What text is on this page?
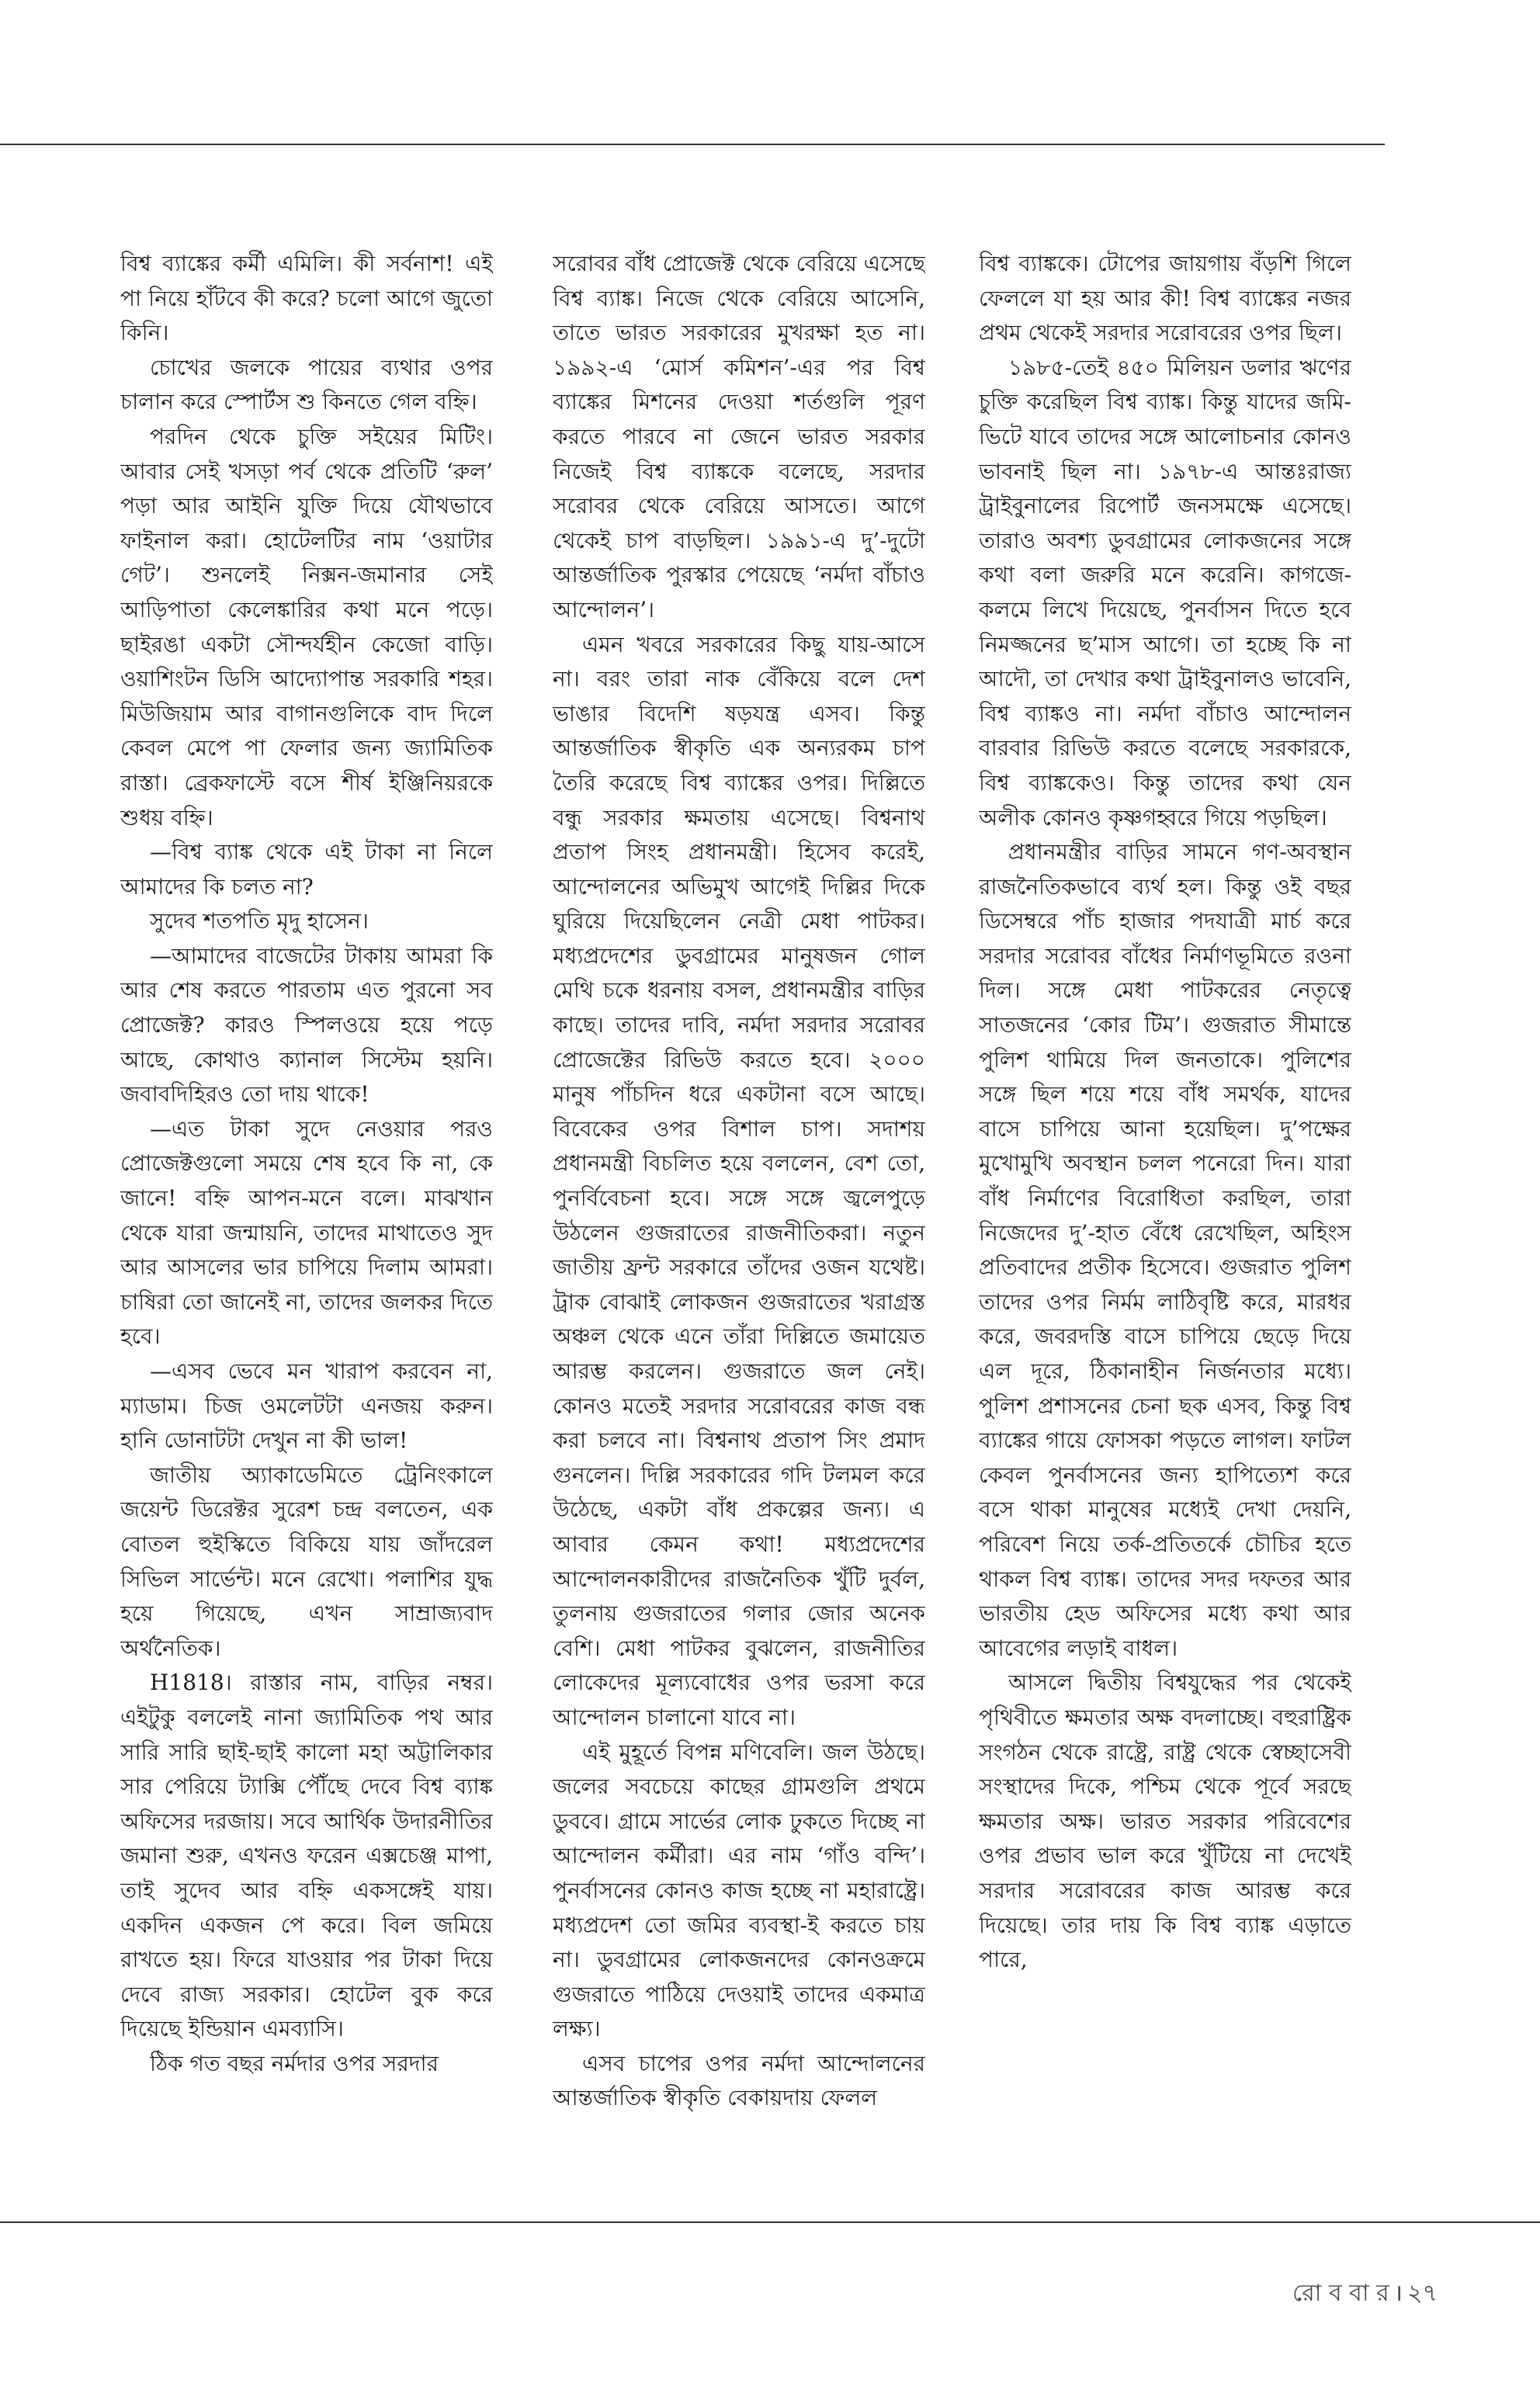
বিশ্ব ব্যাঙ্কের কর্মী এমিলি। কী সর্বনাশ! এই পা নিয়ে হাঁটবে কী করে? চলো আগে জুতো কিনি।

চোখের জলকে পায়ের ব্যথার ওপর চালান করে স্পোর্টস শু কিনতে গেল বহ্নি।

পরদিন থেকে চুক্তি সইয়ের মিটিং। আবার সেই খসড়া পর্ব থেকে প্রতিটি ‘রুল’ পড়া আর আইনি যুক্তি দিয়ে যৌথভাবে ফাইনাল করা। হোটেলটির নাম ‘ওয়াটার গেট’। শুনলেই নিক্সন-জমানার সেই আড়িপাতা কেলেঙ্কারির কথা মনে পড়ে। ছাইরঙা একটা সৌন্দর্যহীন কেজো বাড়ি। ওয়াশিংটন ডিসি আদ্যোপান্ত সরকারি শহর। মিউজিয়াম আর বাগানগুলিকে বাদ দিলে কেবল মেপে পা ফেলার জন্য জ্যামিতিক রাস্তা। ব্রেকফাস্টে বসে শীর্ষ ইঞ্জিনিয়রকে শুধয় বহ্নি।

—বিশ্ব ব্যাঙ্ক থেকে এই টাকা না নিলে আমাদের কি চলত না?

সুদেব শতপতি মৃদু হাসেন।

—আমাদের বাজেটের টাকায় আমরা কি আর শেষ করতে পারতাম এত পুরনো সব প্রোজেক্ট? কারও স্পিলওয়ে হয়ে পড়ে আছে, কোথাও ক্যানাল সিস্টেম হয়নি। জবাবদিহিরও তো দায় থাকে!

—এত টাকা সুদে নেওয়ার পরও প্রোজেক্টগুলো সময়ে শেষ হবে কি না, কে জানে! বহ্নি আপন-মনে বলে। মাঝখান থেকে যারা জন্মায়নি, তাদের মাথাতেও সুদ আর আসলের ভার চাপিয়ে দিলাম আমরা। চাষিরা তো জানেই না, তাদের জলকর দিতে হবে।

—এসব ভেবে মন খারাপ করবেন না, ম্যাডাম। চিজ ওমলেটটা এনজয় করুন। হানি ডোনাটটা দেখুন না কী ভাল!

জাতীয় অ্যাকাডেমিতে ট্রেনিংকালে জয়েন্ট ডিরেক্টর সুরেশ চন্দ্র বলতেন, এক বোতল হুইস্কিতে বিকিয়ে যায় জাঁদরেল সিভিল সার্ভেন্ট। মনে রেখো। পলাশির যুদ্ধ হয়ে গিয়েছে, এখন সাম্রাজ্যবাদ অর্থনৈতিক।

H1818। রাস্তার নাম, বাড়ির নম্বর। এইটুকু বললেই নানা জ্যামিতিক পথ আর সারি সারি ছাই-ছাই কালো মহা অট্টালিকার সার পেরিয়ে ট্যাক্সি পৌঁছে দেবে বিশ্ব ব্যাঙ্ক অফিসের দরজায়। সবে আর্থিক উদারনীতির জমানা শুরু, এখনও ফরেন এক্সচেঞ্জ মাপা, তাই সুদেব আর বহ্নি একসঙ্গেই যায়। একদিন একজন পে করে। বিল জমিয়ে রাখতে হয়। ফিরে যাওয়ার পর টাকা দিয়ে দেবে রাজ্য সরকার। হোটেল বুক করে দিয়েছে ইন্ডিয়ান এমব্যাসি।

ঠিক গত বছর নর্মদার ওপর সরদার

সরোবর বাঁধ প্রোজেক্ট থেকে বেরিয়ে এসেছে বিশ্ব ব্যাঙ্ক। নিজে থেকে বেরিয়ে আসেনি, তাতে ভারত সরকারের মুখরক্ষা হত না। ১৯৯২-এ ‘মোর্স কমিশন’-এর পর বিশ্ব ব্যাঙ্কের মিশনের দেওয়া শর্তগুলি পূরণ করতে পারবে না জেনে ভারত সরকার নিজেই বিশ্ব ব্যাঙ্ককে বলেছে, সরদার সরোবর থেকে বেরিয়ে আসতে। আগে থেকেই চাপ বাড়ছিল। ১৯৯১-এ দু’-দুটো আন্তর্জাতিক পুরস্কার পেয়েছে ‘নর্মদা বাঁচাও আন্দোলন’।

এমন খবরে সরকারের কিছু যায়-আসে না। বরং তারা নাক বেঁকিয়ে বলে দেশ ভাঙার বিদেশি ষড়যন্ত্র এসব। কিন্তু আন্তর্জাতিক স্বীকৃতি এক অন্যরকম চাপ তৈরি করেছে বিশ্ব ব্যাঙ্কের ওপর। দিল্লিতে বন্ধু সরকার ক্ষমতায় এসেছে। বিশ্বনাথ প্রতাপ সিংহ প্রধানমন্ত্রী। হিসেব করেই, আন্দোলনের অভিমুখ আগেই দিল্লির দিকে ঘুরিয়ে দিয়েছিলেন নেত্রী মেধা পাটকর। মধ্যপ্রদেশের ডুবগ্রামের মানুষজন গোল মেথি চকে ধরনায় বসল, প্রধানমন্ত্রীর বাড়ির কাছে। তাদের দাবি, নর্মদা সরদার সরোবর প্রোজেক্টের রিভিউ করতে হবে। ২০০০ মানুষ পাঁচদিন ধরে একটানা বসে আছে। বিবেকের ওপর বিশাল চাপ। সদাশয় প্রধানমন্ত্রী বিচলিত হয়ে বললেন, বেশ তো, পুনর্বিবেচনা হবে। সঙ্গে সঙ্গে জ্বলেপুড়ে উঠলেন গুজরাতের রাজনীতিকরা। নতুন জাতীয় ফ্রন্ট সরকারে তাঁদের ওজন যথেষ্ট। ট্রাক বোঝাই লোকজন গুজরাতের খরাগ্রস্ত অঞ্চল থেকে এনে তাঁরা দিল্লিতে জমায়েত আরম্ভ করলেন। গুজরাতে জল নেই। কোনও মতেই সরদার সরোবরের কাজ বন্ধ করা চলবে না। বিশ্বনাথ প্রতাপ সিং প্রমাদ গুনলেন। দিল্লি সরকারের গদি টলমল করে উঠেছে, একটা বাঁধ প্রকল্পের জন্য। এ আবার কেমন কথা! মধ্যপ্রদেশের আন্দোলনকারীদের রাজনৈতিক খুঁটি দুর্বল, তুলনায় গুজরাতের গলার জোর অনেক বেশি। মেধা পাটকর বুঝলেন, রাজনীতির লোকেদের মূল্যবোধের ওপর ভরসা করে আন্দোলন চালানো যাবে না।

এই মুহূর্তে বিপন্ন মণিবেলি। জল উঠছে। জলের সবচেয়ে কাছের গ্রামগুলি প্রথমে ডুববে। গ্রামে সার্ভের লোক ঢুকতে দিচ্ছে না আন্দোলন কর্মীরা। এর নাম ‘গাঁও বন্দি’। পুনর্বাসনের কোনও কাজ হচ্ছে না মহারাষ্ট্রে। মধ্যপ্রদেশ তো জমির ব্যবস্থা-ই করতে চায় না। ডুবগ্রামের লোকজনদের কোনওক্রমে গুজরাতে পাঠিয়ে দেওয়াই তাদের একমাত্র লক্ষ্য।

এসব চাপের ওপর নর্মদা আন্দোলনের আন্তর্জাতিক স্বীকৃতি বেকায়দায় ফেলল

বিশ্ব ব্যাঙ্ককে। টোপের জায়গায় বঁড়শি গিলে ফেললে যা হয় আর কী! বিশ্ব ব্যাঙ্কের নজর প্রথম থেকেই সরদার সরোবরের ওপর ছিল।

১৯৮৫-তেই ৪৫০ মিলিয়ন ডলার ঋণের চুক্তি করেছিল বিশ্ব ব্যাঙ্ক। কিন্তু যাদের জমি-ভিটে যাবে তাদের সঙ্গে আলোচনার কোনও ভাবনাই ছিল না। ১৯৭৮-এ আন্তঃরাজ্য ট্রাইবুনালের রিপোর্ট জনসমক্ষে এসেছে। তারাও অবশ্য ডুবগ্রামের লোকজনের সঙ্গে কথা বলা জরুরি মনে করেনি। কাগজে-কলমে লিখে দিয়েছে, পুনর্বাসন দিতে হবে নিমজ্জনের ছ’মাস আগে। তা হচ্ছে কি না আদৌ, তা দেখার কথা ট্রাইবুনালও ভাবেনি, বিশ্ব ব্যাঙ্কও না। নর্মদা বাঁচাও আন্দোলন বারবার রিভিউ করতে বলেছে সরকারকে, বিশ্ব ব্যাঙ্ককেও। কিন্তু তাদের কথা যেন অলীক কোনও কৃষ্ণগহ্বরে গিয়ে পড়ছিল।

প্রধানমন্ত্রীর বাড়ির সামনে গণ-অবস্থান রাজনৈতিকভাবে ব্যর্থ হল। কিন্তু ওই বছর ডিসেম্বরে পাঁচ হাজার পদযাত্রী মার্চ করে সরদার সরোবর বাঁধের নির্মাণভূমিতে রওনা দিল। সঙ্গে মেধা পাটকরের নেতৃত্বে সাতজনের ‘কোর টিম’। গুজরাত সীমান্তে পুলিশ থামিয়ে দিল জনতাকে। পুলিশের সঙ্গে ছিল শয়ে শয়ে বাঁধ সমর্থক, যাদের বাসে চাপিয়ে আনা হয়েছিল। দু’পক্ষের মুখোমুখি অবস্থান চলল পনেরো দিন। যারা বাঁধ নির্মাণের বিরোধিতা করছিল, তারা নিজেদের দু’-হাত বেঁধে রেখেছিল, অহিংস প্রতিবাদের প্রতীক হিসেবে। গুজরাত পুলিশ তাদের ওপর নির্মম লাঠিবৃষ্টি করে, মারধর করে, জবরদস্তি বাসে চাপিয়ে ছেড়ে দিয়ে এল দূরে, ঠিকানাহীন নির্জনতার মধ্যে। পুলিশ প্রশাসনের চেনা ছক এসব, কিন্তু বিশ্ব ব্যাঙ্কের গায়ে ফোসকা পড়তে লাগল। ফাটল কেবল পুনর্বাসনের জন্য হাপিত্যেশ করে বসে থাকা মানুষের মধ্যেই দেখা দেয়নি, পরিবেশ নিয়ে তর্ক-প্রতিতর্কে চৌচির হতে থাকল বিশ্ব ব্যাঙ্ক। তাদের সদর দফতর আর ভারতীয় হেড অফিসের মধ্যে কথা আর আবেগের লড়াই বাধল।

আসলে দ্বিতীয় বিশ্বযুদ্ধের পর থেকেই পৃথিবীতে ক্ষমতার অক্ষ বদলাচ্ছে। বহুরাষ্ট্রিক সংগঠন থেকে রাষ্ট্রে, রাষ্ট্র থেকে স্বেচ্ছাসেবী সংস্থাদের দিকে, পশ্চিম থেকে পূর্বে সরছে ক্ষমতার অক্ষ। ভারত সরকার পরিবেশের ওপর প্রভাব ভাল করে খুঁটিয়ে না দেখেই সরদার সরোবরের কাজ আরম্ভ করে দিয়েছে। তার দায় কি বিশ্ব ব্যাঙ্ক এড়াতে পারে,

রো ব বা র । ২৭
